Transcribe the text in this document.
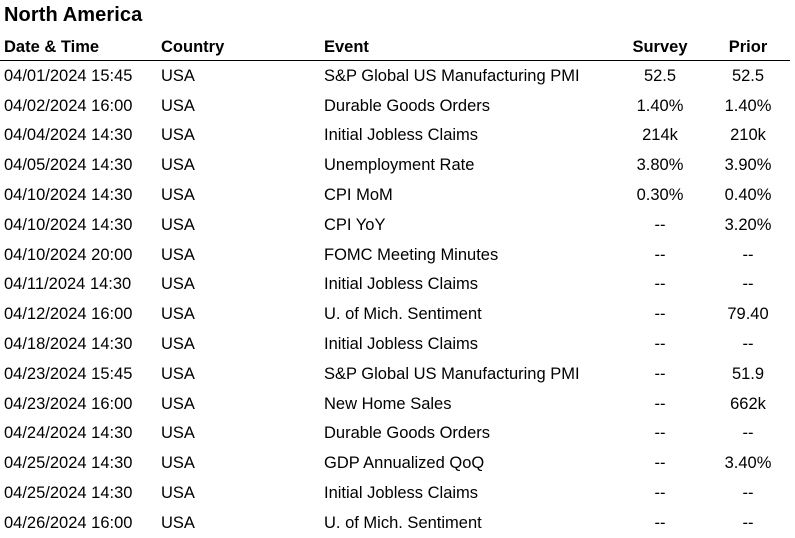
North America
Date & Time	Country	Event	Survey	Prior
04/01/2024 15:45	USA	S&P Global US Manufacturing PMI	52.5	52.5
04/02/2024 16:00	USA	Durable Goods Orders	1.40%	1.40%
04/04/2024 14:30	USA	Initial Jobless Claims	214k	210k
04/05/2024 14:30	USA	Unemployment Rate	3.80%	3.90%
04/10/2024 14:30	USA	CPI MoM	0.30%	0.40%
04/10/2024 14:30	USA	CPI YoY	--	3.20%
04/10/2024 20:00	USA	FOMC Meeting Minutes	--	--
04/11/2024 14:30	USA	Initial Jobless Claims	--	--
04/12/2024 16:00	USA	U. of Mich. Sentiment	--	79.40
04/18/2024 14:30	USA	Initial Jobless Claims	--	--
04/23/2024 15:45	USA	S&P Global US Manufacturing PMI	--	51.9
04/23/2024 16:00	USA	New Home Sales	--	662k
04/24/2024 14:30	USA	Durable Goods Orders	--	--
04/25/2024 14:30	USA	GDP Annualized QoQ	--	3.40%
04/25/2024 14:30	USA	Initial Jobless Claims	--	--
04/26/2024 16:00	USA	U. of Mich. Sentiment	--	--
